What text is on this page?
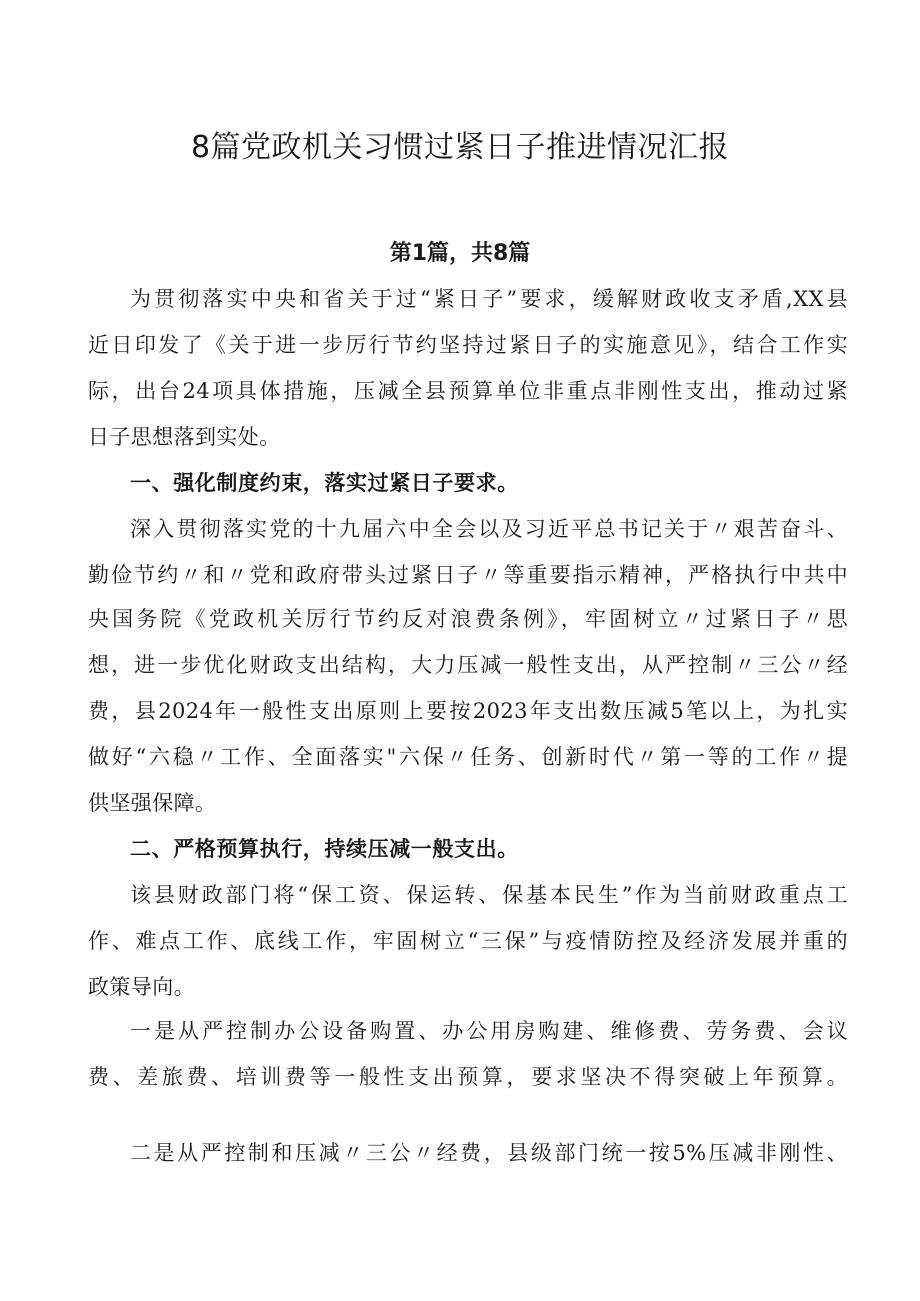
8篇党政机关习惯过紧日子推进情况汇报
第1篇，共8篇
为贯彻落实中央和省关于过“紧日子”要求，缓解财政收支矛盾,XX县
近日印发了《关于进一步厉行节约坚持过紧日子的实施意见》，结合工作实
际，出台24项具体措施，压减全县预算单位非重点非刚性支出，推动过紧
日子思想落到实处。
一、强化制度约束，落实过紧日子要求。
深入贯彻落实党的十九届六中全会以及习近平总书记关于〃艰苦奋斗、
勤俭节约〃和〃党和政府带头过紧日子〃等重要指示精神，严格执行中共中
央国务院《党政机关厉行节约反对浪费条例》，牢固树立〃过紧日子〃思
想，进一步优化财政支出结构，大力压减一般性支出，从严控制〃三公〃经
费，县2024年一般性支出原则上要按2023年支出数压减5笔以上，为扎实
做好“六稳〃工作、全面落实"六保〃任务、创新时代〃第一等的工作〃提
供坚强保障。
二、严格预算执行，持续压减一般支出。
该县财政部门将“保工资、保运转、保基本民生”作为当前财政重点工
作、难点工作、底线工作，牢固树立“三保”与疫情防控及经济发展并重的
政策导向。
一是从严控制办公设备购置、办公用房购建、维修费、劳务费、会议
费、差旅费、培训费等一般性支出预算，要求坚决不得突破上年预算。
二是从严控制和压减〃三公〃经费，县级部门统一按5%压减非刚性、
